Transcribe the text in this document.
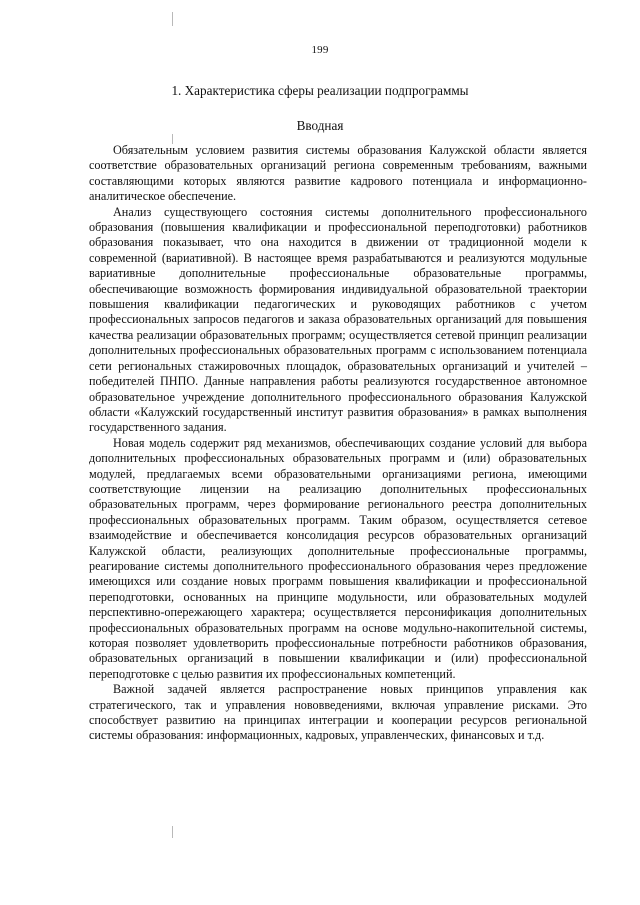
199
1. Характеристика сферы реализации подпрограммы
Вводная

Обязательным условием развития системы образования Калужской области является соответствие образовательных организаций региона современным требованиям, важными составляющими которых являются развитие кадрового потенциала и информационно-аналитическое обеспечение.

Анализ существующего состояния системы дополнительного профессионального образования (повышения квалификации и профессиональной переподготовки) работников образования показывает, что она находится в движении от традиционной модели к современной (вариативной). В настоящее время разрабатываются и реализуются модульные вариативные дополнительные профессиональные образовательные программы, обеспечивающие возможность формирования индивидуальной образовательной траектории повышения квалификации педагогических и руководящих работников с учетом профессиональных запросов педагогов и заказа образовательных организаций для повышения качества реализации образовательных программ; осуществляется сетевой принцип реализации дополнительных профессиональных образовательных программ с использованием потенциала сети региональных стажировочных площадок, образовательных организаций и учителей – победителей ПНПО. Данные направления работы реализуются государственное автономное образовательное учреждение дополнительного профессионального образования Калужской области «Калужский государственный институт развития образования» в рамках выполнения государственного задания.

Новая модель содержит ряд механизмов, обеспечивающих создание условий для выбора дополнительных профессиональных образовательных программ и (или) образовательных модулей, предлагаемых всеми образовательными организациями региона, имеющими соответствующие лицензии на реализацию дополнительных профессиональных образовательных программ, через формирование регионального реестра дополнительных профессиональных образовательных программ. Таким образом, осуществляется сетевое взаимодействие и обеспечивается консолидация ресурсов образовательных организаций Калужской области, реализующих дополнительные профессиональные программы, реагирование системы дополнительного профессионального образования через предложение имеющихся или создание новых программ повышения квалификации и профессиональной переподготовки, основанных на принципе модульности, или образовательных модулей перспективно-опережающего характера; осуществляется персонификация дополнительных профессиональных образовательных программ на основе модульно-накопительной системы, которая позволяет удовлетворить профессиональные потребности работников образования, образовательных организаций в повышении квалификации и (или) профессиональной переподготовке с целью развития их профессиональных компетенций.

Важной задачей является распространение новых принципов управления как стратегического, так и управления нововведениями, включая управление рисками. Это способствует развитию на принципах интеграции и кооперации ресурсов региональной системы образования: информационных, кадровых, управленческих, финансовых и т.д.
